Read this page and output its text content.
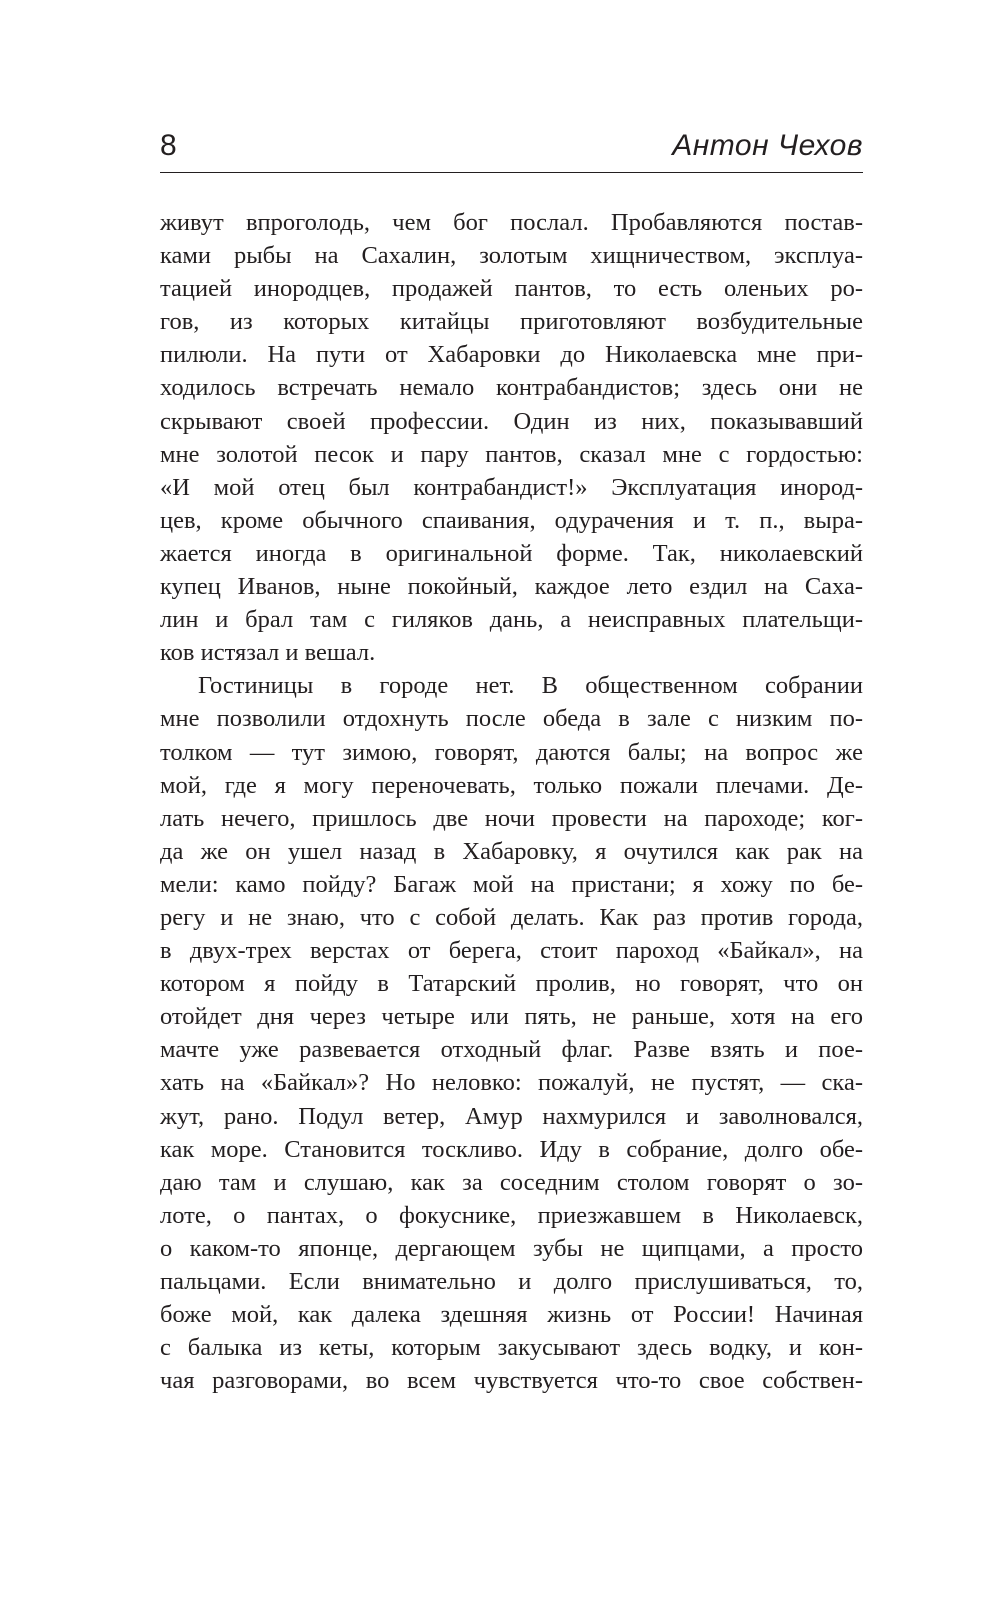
8	Антон Чехов
живут впроголодь, чем бог послал. Пробавляются постав-
ками рыбы на Сахалин, золотым хищничеством, эксплуа-
тацией инородцев, продажей пантов, то есть оленьих ро-
гов, из которых китайцы приготовляют возбудительные
пилюли. На пути от Хабаровки до Николаевска мне при-
ходилось встречать немало контрабандистов; здесь они не
скрывают своей профессии. Один из них, показывавший
мне золотой песок и пару пантов, сказал мне с гордостью:
«И мой отец был контрабандист!» Эксплуатация инород-
цев, кроме обычного спаивания, одурачения и т. п., выра-
жается иногда в оригинальной форме. Так, николаевский
купец Иванов, ныне покойный, каждое лето ездил на Саха-
лин и брал там с гиляков дань, а неисправных плательщи-
ков истязал и вешал.
Гостиницы в городе нет. В общественном собрании
мне позволили отдохнуть после обеда в зале с низким по-
толком — тут зимою, говорят, даются балы; на вопрос же
мой, где я могу переночевать, только пожали плечами. Де-
лать нечего, пришлось две ночи провести на пароходе; ког-
да же он ушел назад в Хабаровку, я очутился как рак на
мели: камо пойду? Багаж мой на пристани; я хожу по бе-
регу и не знаю, что с собой делать. Как раз против города,
в двух-трех верстах от берега, стоит пароход «Байкал», на
котором я пойду в Татарский пролив, но говорят, что он
отойдет дня через четыре или пять, не раньше, хотя на его
мачте уже развевается отходный флаг. Разве взять и пое-
хать на «Байкал»? Но неловко: пожалуй, не пустят, — ска-
жут, рано. Подул ветер, Амур нахмурился и заволновался,
как море. Становится тоскливо. Иду в собрание, долго обе-
даю там и слушаю, как за соседним столом говорят о зо-
лоте, о пантах, о фокуснике, приезжавшем в Николаевск,
о каком-то японце, дергающем зубы не щипцами, а просто
пальцами. Если внимательно и долго прислушиваться, то,
боже мой, как далека здешняя жизнь от России! Начиная
с балыка из кеты, которым закусывают здесь водку, и кон-
чая разговорами, во всем чувствуется что-то свое собствен-
